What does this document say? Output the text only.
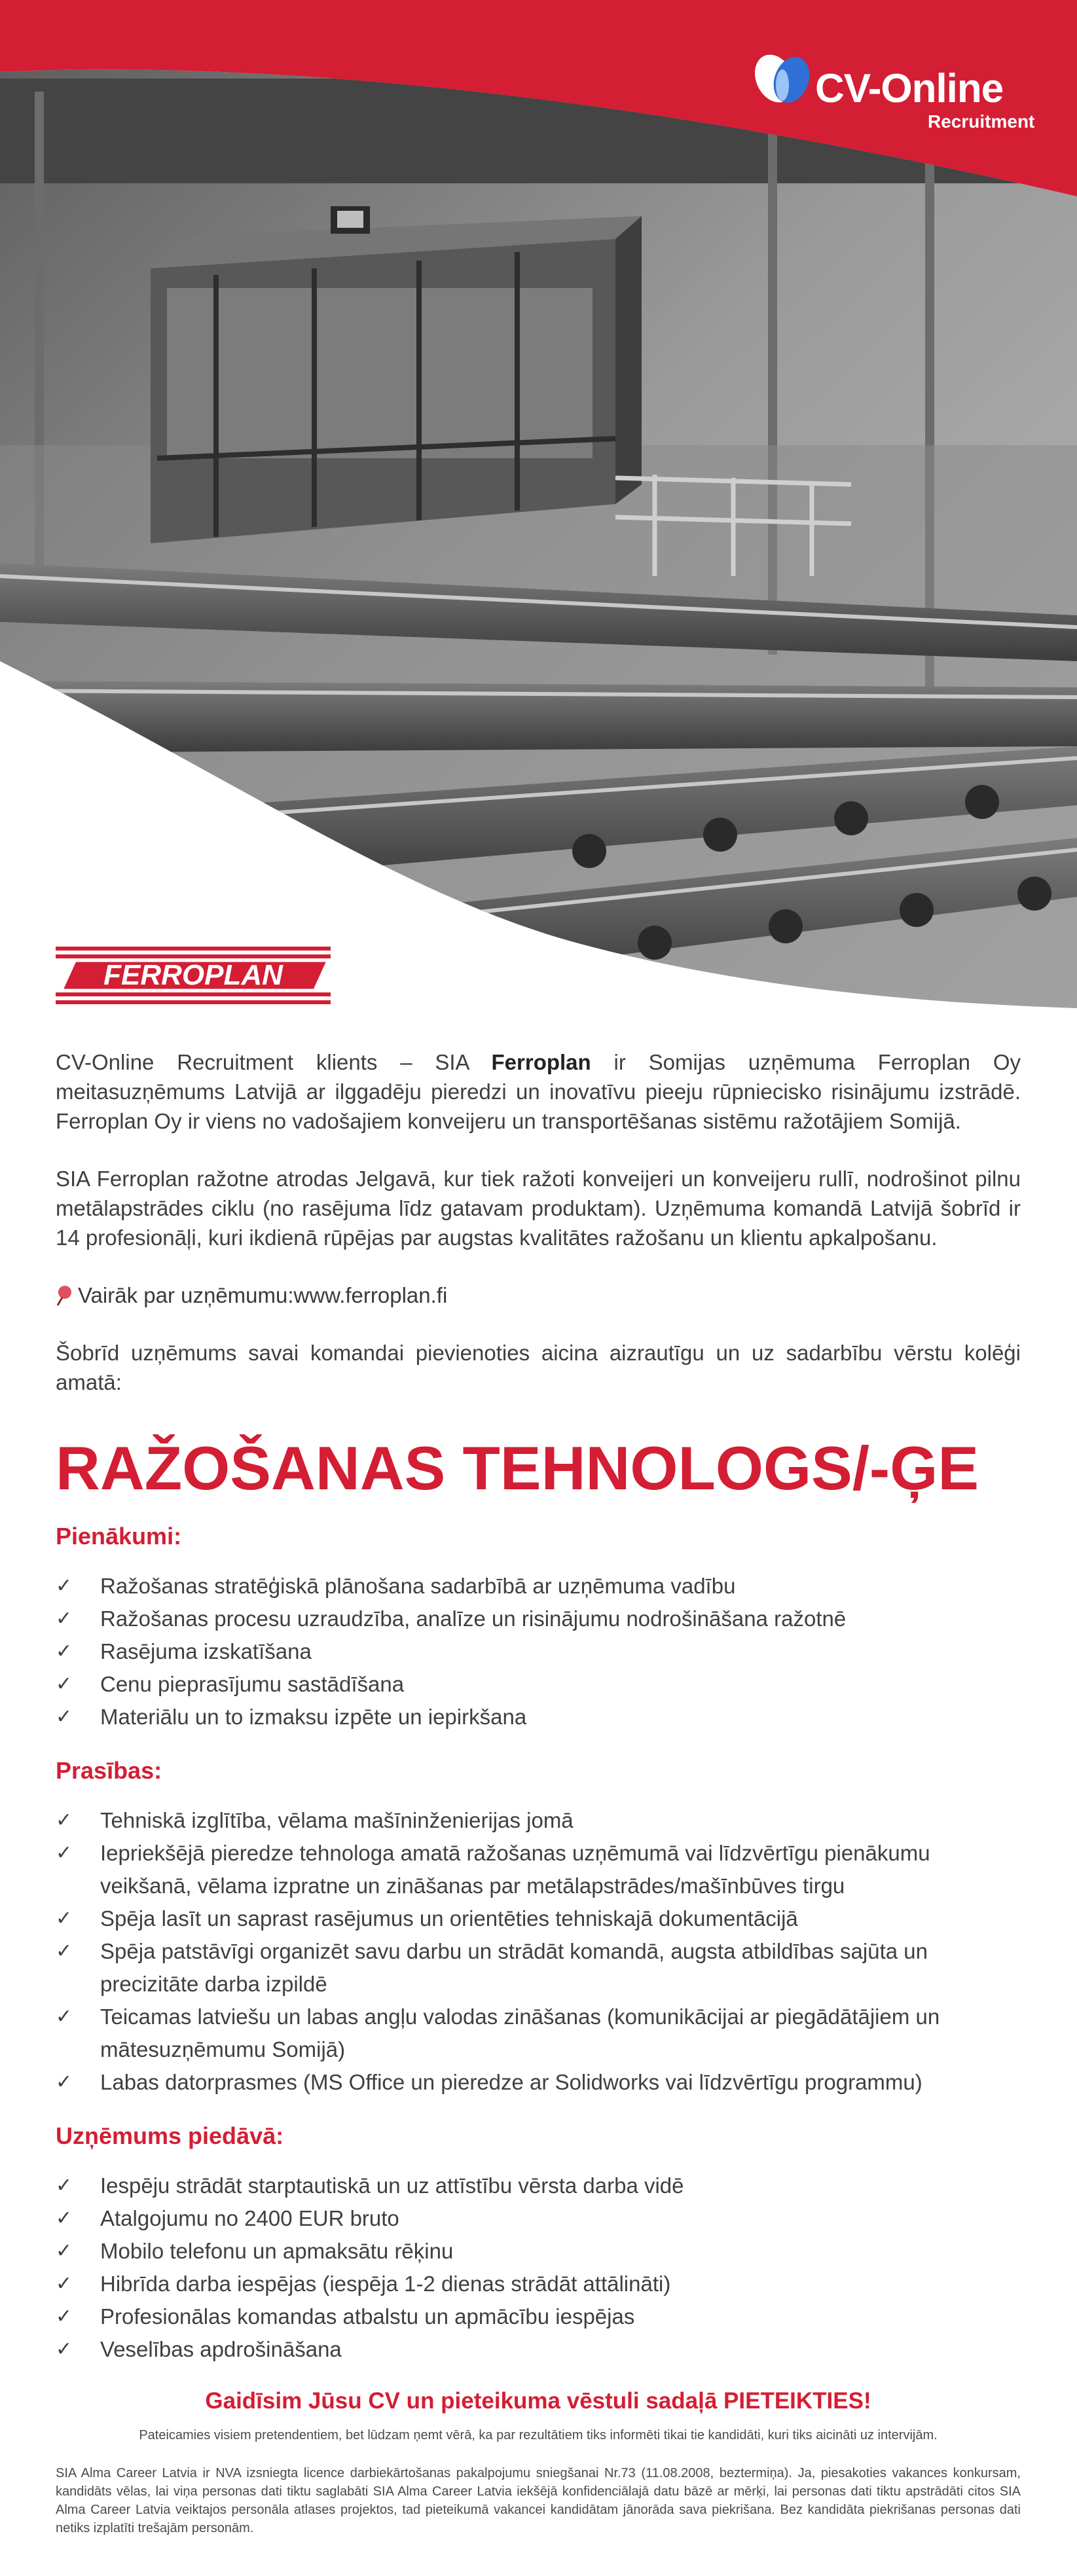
CV-Online
Recruitment
FERROPLAN

CV-Online Recruitment klients – SIA Ferroplan ir Somijas uzņēmuma Ferroplan Oy meitasuzņēmums Latvijā ar ilggadēju pieredzi un inovatīvu pieeju rūpniecisko risinājumu izstrādē. Ferroplan Oy ir viens no vadošajiem konveijeru un transportēšanas sistēmu ražotājiem Somijā.

SIA Ferroplan ražotne atrodas Jelgavā, kur tiek ražoti konveijeri un konveijeru rullī, nodrošinot pilnu metālapstrādes ciklu (no rasējuma līdz gatavam produktam). Uzņēmuma komandā Latvijā šobrīd ir 14 profesionāļi, kuri ikdienā rūpējas par augstas kvalitātes ražošanu un klientu apkalpošanu.

Vairāk par uzņēmumu: www.ferroplan.fi

Šobrīd uzņēmums savai komandai pievienoties aicina aizrautīgu un uz sadarbību vērstu kolēģi amatā:

RAŽOŠANAS TEHNOLOGS/-ĢE
Pienākumi:
✓ Ražošanas stratēģiskā plānošana sadarbībā ar uzņēmuma vadību
✓ Ražošanas procesu uzraudzība, analīze un risinājumu nodrošināšana ražotnē
✓ Rasējuma izskatīšana
✓ Cenu pieprasījumu sastādīšana
✓ Materiālu un to izmaksu izpēte un iepirkšana
Prasības:
✓ Tehniskā izglītība, vēlama mašīninženierijas jomā
✓ Iepriekšējā pieredze tehnologa amatā ražošanas uzņēmumā vai līdzvērtīgu pienākumu veikšanā, vēlama izpratne un zināšanas par metālapstrādes/mašīnbūves tirgu
✓ Spēja lasīt un saprast rasējumus un orientēties tehniskajā dokumentācijā
✓ Spēja patstāvīgi organizēt savu darbu un strādāt komandā, augsta atbildības sajūta un precizitāte darba izpildē
✓ Teicamas latviešu un labas angļu valodas zināšanas (komunikācijai ar piegādātājiem un mātesuzņēmumu Somijā)
✓ Labas datorprasmes (MS Office un pieredze ar Solidworks vai līdzvērtīgu programmu)
Uzņēmums piedāvā:
✓ Iespēju strādāt starptautiskā un uz attīstību vērsta darba vidē
✓ Atalgojumu no 2400 EUR bruto
✓ Mobilo telefonu un apmaksātu rēķinu
✓ Hibrīda darba iespējas (iespēja 1-2 dienas strādāt attālināti)
✓ Profesionālas komandas atbalstu un apmācību iespējas
✓ Veselības apdrošināšana
Gaidīsim Jūsu CV un pieteikuma vēstuli sadaļā PIETEIKTIES!
Pateicamies visiem pretendentiem, bet lūdzam ņemt vērā, ka par rezultātiem tiks informēti tikai tie kandidāti, kuri tiks aicināti uz intervijām.
SIA Alma Career Latvia ir NVA izsniegta licence darbiekārtošanas pakalpojumu sniegšanai Nr.73 (11.08.2008, beztermiņa). Ja, piesakoties vakances konkursam, kandidāts vēlas, lai viņa personas dati tiktu saglabāti SIA Alma Career Latvia iekšējā konfidenciālajā datu bāzē ar mērķi, lai personas dati tiktu apstrādāti citos SIA Alma Career Latvia veiktajos personāla atlases projektos, tad pieteikumā vakancei kandidātam jānorāda sava piekrišana. Bez kandidāta piekrišanas personas dati netiks izplatīti trešajām personām.
